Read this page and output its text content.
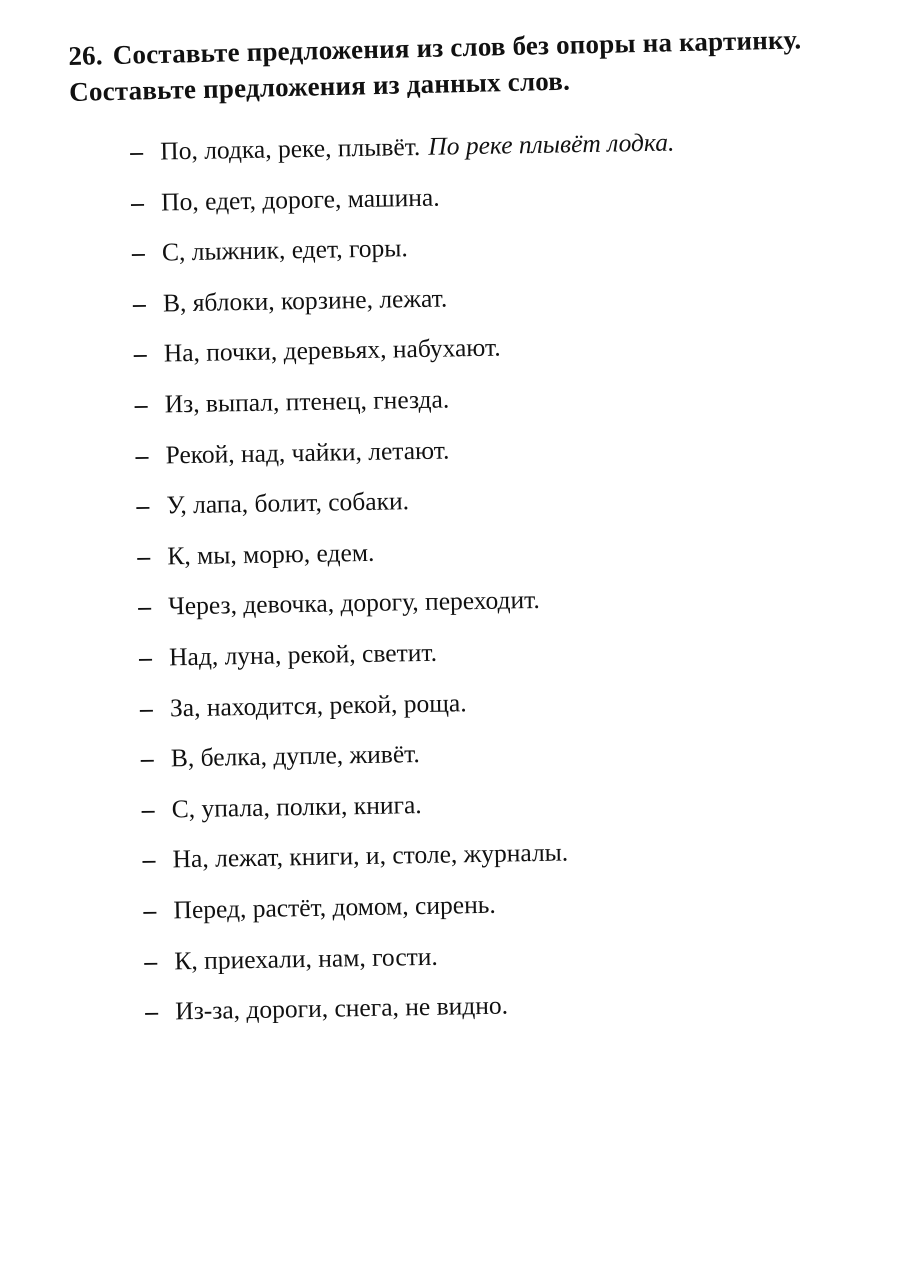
26. Составьте предложения из слов без опоры на картинку.
Составьте предложения из данных слов.
– По, лодка, реке, плывёт. По реке плывёт лодка.
– По, едет, дороге, машина.
– С, лыжник, едет, горы.
– В, яблоки, корзине, лежат.
– На, почки, деревьях, набухают.
– Из, выпал, птенец, гнезда.
– Рекой, над, чайки, летают.
– У, лапа, болит, собаки.
– К, мы, морю, едем.
– Через, девочка, дорогу, переходит.
– Над, луна, рекой, светит.
– За, находится, рекой, роща.
– В, белка, дупле, живёт.
– С, упала, полки, книга.
– На, лежат, книги, и, столе, журналы.
– Перед, растёт, домом, сирень.
– К, приехали, нам, гости.
– Из-за, дороги, снега, не видно.
